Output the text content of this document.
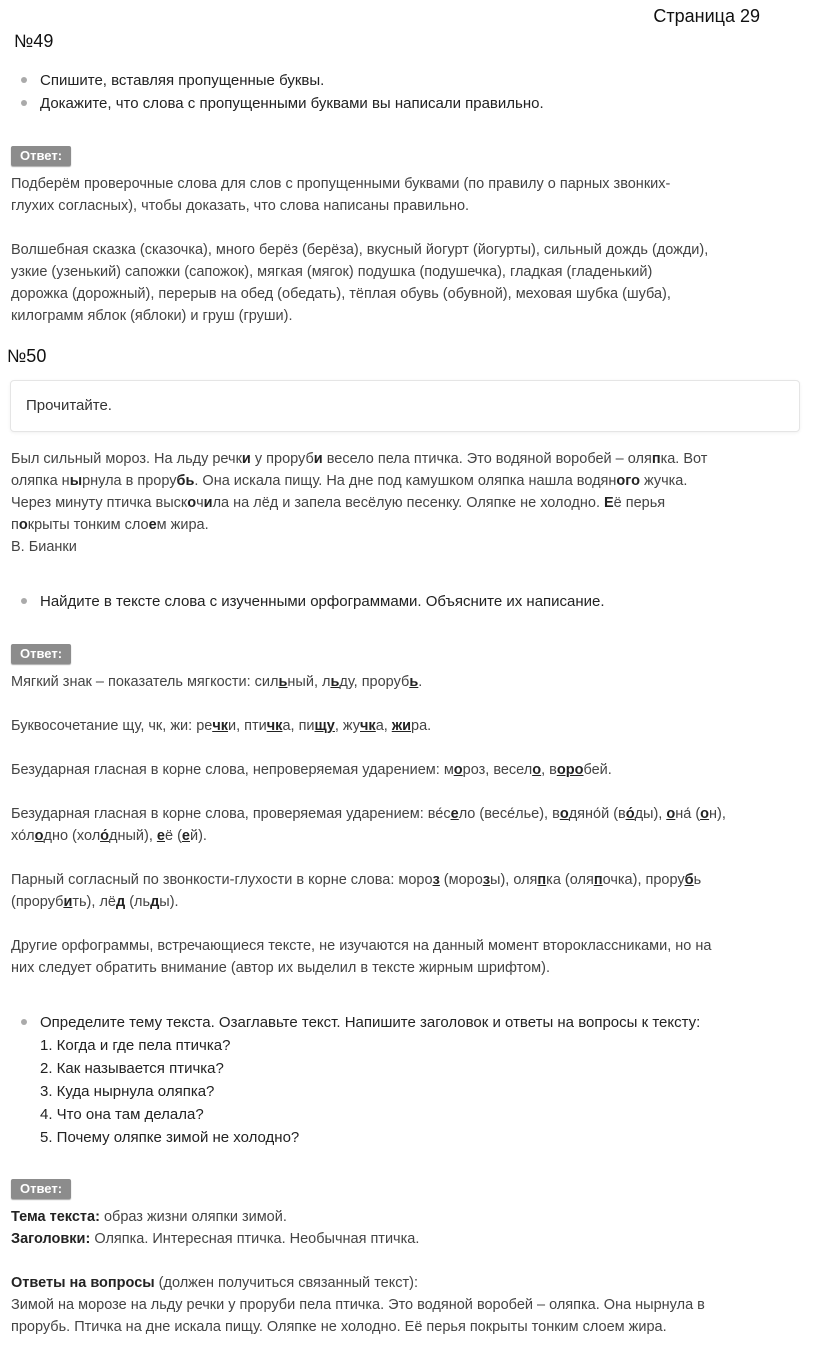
Страница 29
№49
Спишите, вставляя пропущенные буквы.
Докажите, что слова с пропущенными буквами вы написали правильно.
Ответ:

Подберём проверочные слова для слов с пропущенными буквами (по правилу о парных звонких-

глухих согласных), чтобы доказать, что слова написаны правильно.

Волшебная сказка (сказочка), много берёз (берёза), вкусный йогурт (йогурты), сильный дождь (дожди),

узкие (узенький) сапожки (сапожок), мягкая (мягок) подушка (подушечка), гладкая (гладенький)

дорожка (дорожный), перерыв на обед (обедать), тёплая обувь (обувной), меховая шубка (шуба),

килограмм яблок (яблоки) и груш (груши).

№50
Прочитайте.

Был сильный мороз. На льду речки у проруби весело пела птичка. Это водяной воробей – оляпка. Вот

оляпка нырнула в прорубь. Она искала пищу. На дне под камушком оляпка нашла водяного жучка.

Через минуту птичка выскочила на лёд и запела весёлую песенку. Оляпке не холодно. Её перья

покрыты тонким слоем жира.

В. Бианки

Найдите в тексте слова с изученными орфограммами. Объясните их написание.
Ответ:

Мягкий знак – показатель мягкости: сильный, льду, прорубь.

Буквосочетание щу, чк, жи: речки, птичка, пищу, жучка, жира.

Безударная гласная в корне слова, непроверяемая ударением: мороз, весело, воробей.

Безударная гласная в корне слова, проверяемая ударением: ве́село (весе́лье), водяно́й (во́ды), она́ (он),

хо́лодно (холо́дный), её (ей).

Парный согласный по звонкости-глухости в корне слова: мороз (морозы), оляпка (оляпочка), прорубь

(прорубить), лёд (льды).

Другие орфограммы, встречающиеся тексте, не изучаются на данный момент второклассниками, но на

них следует обратить внимание (автор их выделил в тексте жирным шрифтом).

Определите тему текста. Озаглавьте текст. Напишите заголовок и ответы на вопросы к тексту:
1. Когда и где пела птичка?
2. Как называется птичка?
3. Куда нырнула оляпка?
4. Что она там делала?
5. Почему оляпке зимой не холодно?
Ответ:

Тема текста: образ жизни оляпки зимой.

Заголовки: Оляпка. Интересная птичка. Необычная птичка.

Ответы на вопросы (должен получиться связанный текст):

Зимой на морозе на льду речки у проруби пела птичка. Это водяной воробей – оляпка. Она нырнула в

прорубь. Птичка на дне искала пищу. Оляпке не холодно. Её перья покрыты тонким слоем жира.
